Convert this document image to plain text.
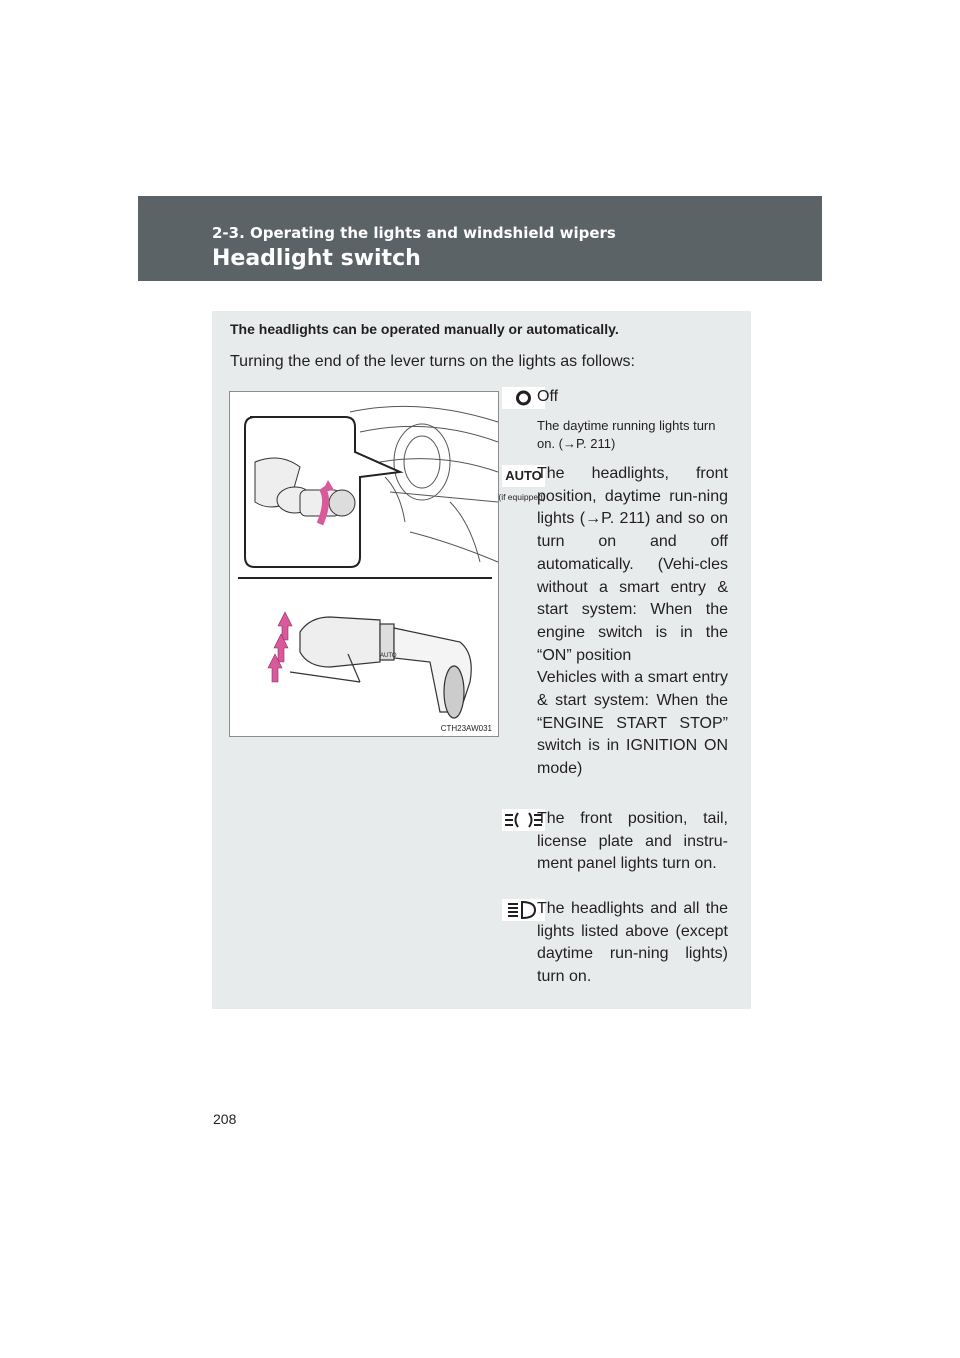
2-3. Operating the lights and windshield wipers
Headlight switch
The headlights can be operated manually or automatically.
Turning the end of the lever turns on the lights as follows:
AUTO
CTH23AW031
Off
The daytime running lights turn on. (→P. 211)
AUTO
(if equipped)
The headlights, front position, daytime run-ning lights (→P. 211) and so on turn on and off automatically. (Vehi-cles without a smart entry & start system: When the engine switch is in the “ON” position
Vehicles with a smart entry & start system: When the “ENGINE START STOP” switch is in IGNITION ON mode)
The front position, tail, license plate and instru-ment panel lights turn on.
The headlights and all the lights listed above (except daytime run-ning lights) turn on.
208
